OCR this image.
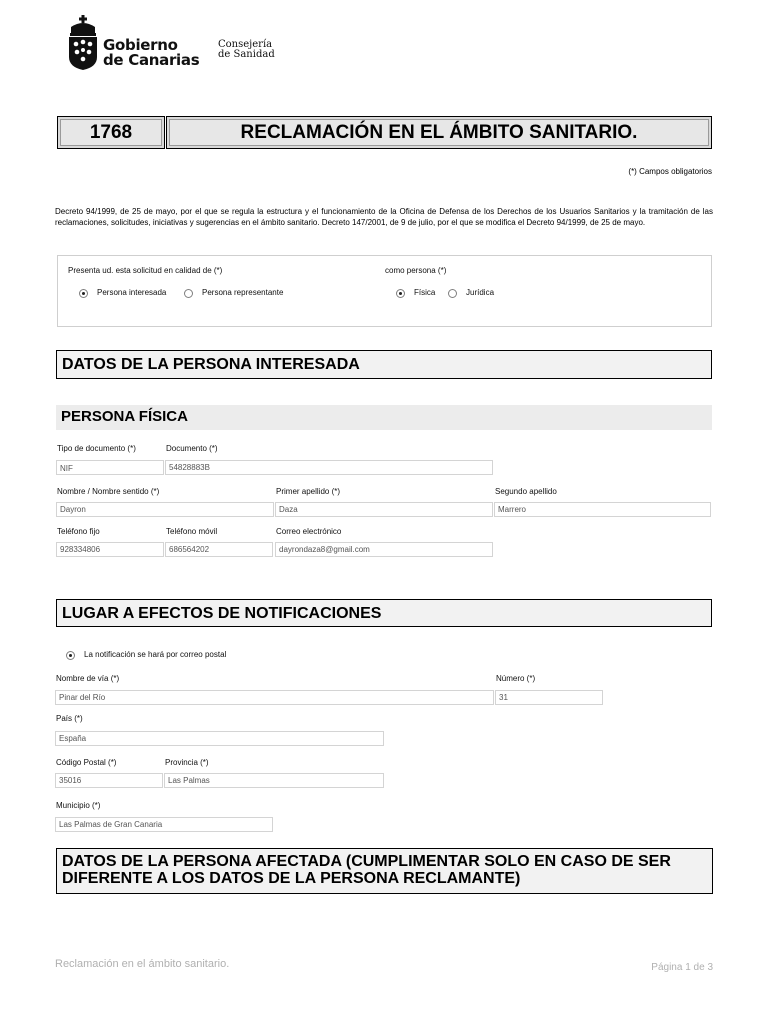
Gobierno
de Canarias
Consejería
de Sanidad
1768	RECLAMACIÓN EN EL ÁMBITO SANITARIO.
(*) Campos obligatorios
Decreto 94/1999, de 25 de mayo, por el que se regula la estructura y el funcionamiento de la Oficina de Defensa de los Derechos de los Usuarios Sanitarios y la tramitación de las reclamaciones, solicitudes, iniciativas y sugerencias en el ámbito sanitario. Decreto 147/2001, de 9 de julio, por el que se modifica el Decreto 94/1999, de 25 de mayo.
Presenta ud. esta solicitud en calidad de (*)
Persona interesada	Persona representante
como persona (*)
Física	Jurídica
DATOS DE LA PERSONA INTERESADA
PERSONA FÍSICA
Tipo de documento (*)
NIF
Documento (*)
54828883B
Nombre / Nombre sentido (*)
Dayron
Primer apellido (*)
Daza
Segundo apellido
Marrero
Teléfono fijo
928334806
Teléfono móvil
686564202
Correo electrónico
dayrondaza8@gmail.com
LUGAR A EFECTOS DE NOTIFICACIONES
La notificación se hará por correo postal
Nombre de vía (*)
Pinar del Río
Número (*)
31
País (*)
España
Código Postal (*)
35016
Provincia (*)
Las Palmas
Municipio (*)
Las Palmas de Gran Canaria
DATOS DE LA PERSONA AFECTADA (CUMPLIMENTAR SOLO EN CASO DE SER DIFERENTE A LOS DATOS DE LA PERSONA RECLAMANTE)
Reclamación en el ámbito sanitario.	Página 1 de 3
